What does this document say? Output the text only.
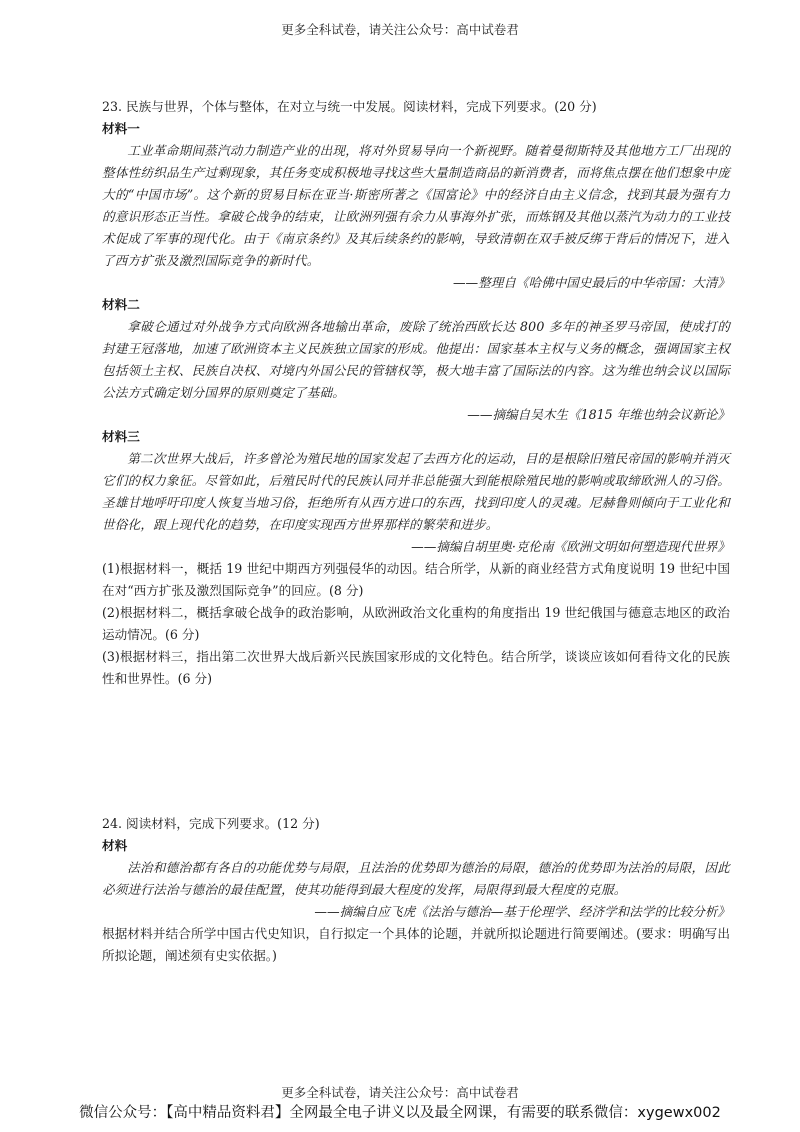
更多全科试卷，请关注公众号：高中试卷君

23. 民族与世界，个体与整体，在对立与统一中发展。阅读材料，完成下列要求。(20 分)

材料一

工业革命期间蒸汽动力制造产业的出现，将对外贸易导向一个新视野。随着曼彻斯特及其他地方工厂出现的整体性纺织品生产过剩现象，其任务变成积极地寻找这些大量制造商品的新消费者，而将焦点摆在他们想象中庞大的“中国市场”。这个新的贸易目标在亚当·斯密所著之《国富论》中的经济自由主义信念，找到其最为强有力的意识形态正当性。拿破仑战争的结束，让欧洲列强有余力从事海外扩张，而炼钢及其他以蒸汽为动力的工业技术促成了军事的现代化。由于《南京条约》及其后续条约的影响，导致清朝在双手被反绑于背后的情况下，进入了西方扩张及激烈国际竞争的新时代。

——整理自《哈佛中国史最后的中华帝国：大清》

材料二

拿破仑通过对外战争方式向欧洲各地输出革命，废除了统治西欧长达 800 多年的神圣罗马帝国，使成打的封建王冠落地，加速了欧洲资本主义民族独立国家的形成。他提出：国家基本主权与义务的概念，强调国家主权包括领土主权、民族自决权、对境内外国公民的管辖权等，极大地丰富了国际法的内容。这为维也纳会议以国际公法方式确定划分国界的原则奠定了基础。

——摘编自吴木生《1815 年维也纳会议新论》

材料三

第二次世界大战后，许多曾沦为殖民地的国家发起了去西方化的运动，目的是根除旧殖民帝国的影响并消灭它们的权力象征。尽管如此，后殖民时代的民族认同并非总能强大到能根除殖民地的影响或取缔欧洲人的习俗。圣雄甘地呼吁印度人恢复当地习俗，拒绝所有从西方进口的东西，找到印度人的灵魂。尼赫鲁则倾向于工业化和世俗化，跟上现代化的趋势，在印度实现西方世界那样的繁荣和进步。

——摘编自胡里奥·克伦南《欧洲文明如何塑造现代世界》

(1)根据材料一，概括 19 世纪中期西方列强侵华的动因。结合所学，从新的商业经营方式角度说明 19 世纪中国在对“西方扩张及激烈国际竞争”的回应。(8 分)

(2)根据材料二，概括拿破仑战争的政治影响，从欧洲政治文化重构的角度指出 19 世纪俄国与德意志地区的政治运动情况。(6 分)

(3)根据材料三，指出第二次世界大战后新兴民族国家形成的文化特色。结合所学，谈谈应该如何看待文化的民族性和世界性。(6 分)

24. 阅读材料，完成下列要求。(12 分)

材料

法治和德治都有各自的功能优势与局限，且法治的优势即为德治的局限，德治的优势即为法治的局限，因此必须进行法治与德治的最佳配置，使其功能得到最大程度的发挥，局限得到最大程度的克服。

——摘编自应飞虎《法治与德治—基于伦理学、经济学和法学的比较分析》

根据材料并结合所学中国古代史知识，自行拟定一个具体的论题，并就所拟论题进行简要阐述。(要求：明确写出所拟论题，阐述须有史实依据。)

更多全科试卷，请关注公众号：高中试卷君
微信公众号：【高中精品资料君】全网最全电子讲义以及最全网课，有需要的联系微信：xygewx002
